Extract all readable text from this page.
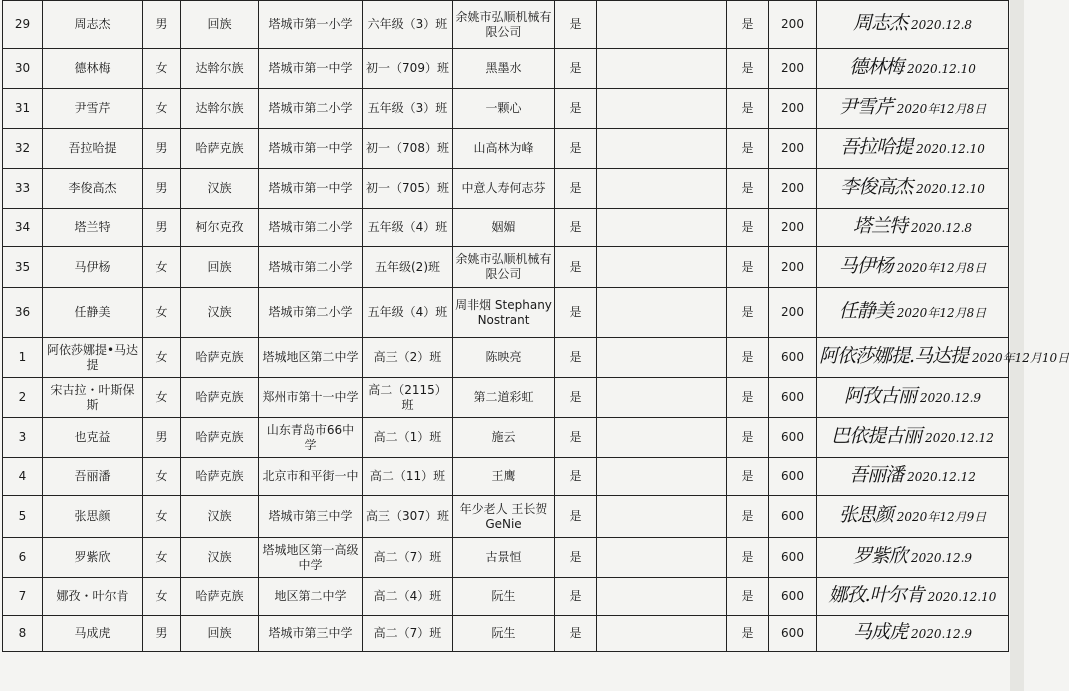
29	周志杰	男	回族	塔城市第一小学	六年级（3）班	余姚市弘顺机械有限公司	是		是	200	周志杰 2020.12.8
30	德林梅	女	达斡尔族	塔城市第一中学	初一（709）班	黑墨水	是		是	200	德林梅 2020.12.10
31	尹雪芹	女	达斡尔族	塔城市第二小学	五年级（3）班	一颗心	是		是	200	尹雪芹 2020年12月8日
32	吾拉哈提	男	哈萨克族	塔城市第一中学	初一（708）班	山高林为峰	是		是	200	吾拉哈提 2020.12.10
33	李俊高杰	男	汉族	塔城市第一中学	初一（705）班	中意人寿何志芬	是		是	200	李俊高杰 2020.12.10
34	塔兰特	男	柯尔克孜	塔城市第二小学	五年级（4）班	姻媚	是		是	200	塔兰特 2020.12.8
35	马伊杨	女	回族	塔城市第二小学	五年级(2)班	余姚市弘顺机械有限公司	是		是	200	马伊杨 2020年12月8日
36	任静美	女	汉族	塔城市第二小学	五年级（4）班	周非烟 Stephany Nostrant	是		是	200	任静美 2020年12月8日
1	阿依莎娜提•马达提	女	哈萨克族	塔城地区第二中学	高三（2）班	陈映亮	是		是	600	阿依莎娜提.马达提 2020年12月10日
2	宋古拉・叶斯保斯	女	哈萨克族	郑州市第十一中学	高二（2115）班	第二道彩虹	是		是	600	阿孜古丽 2020.12.9
3	也克益	男	哈萨克族	山东青岛市66中学	高二（1）班	施云	是		是	600	巴依提古丽 2020.12.12
4	吾丽潘	女	哈萨克族	北京市和平街一中	高二（11）班	王鹰	是		是	600	吾丽潘 2020.12.12
5	张思颜	女	汉族	塔城市第三中学	高三（307）班	年少老人 王长贺 GeNie	是		是	600	张思颜 2020年12月9日
6	罗紫欣	女	汉族	塔城地区第一高级中学	高二（7）班	古景恒	是		是	600	罗紫欣 2020.12.9
7	娜孜・叶尔肯	女	哈萨克族	地区第二中学	高二（4）班	阮生	是		是	600	娜孜.叶尔肯 2020.12.10
8	马成虎	男	回族	塔城市第三中学	高二（7）班	阮生	是		是	600	马成虎 2020.12.9
